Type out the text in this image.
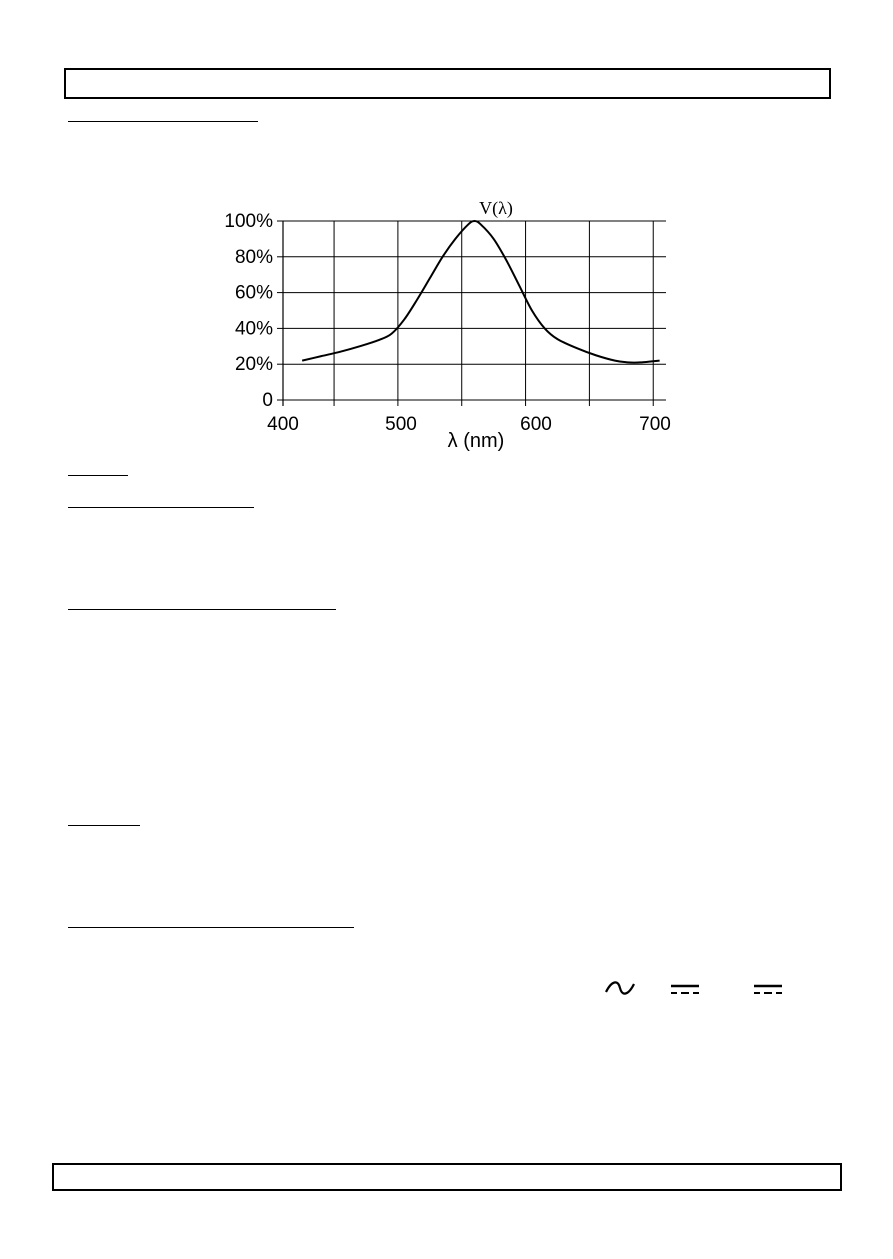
0
20%
40%
60%
80%
100%
400	500	600	700
λ (nm)
V(λ)
